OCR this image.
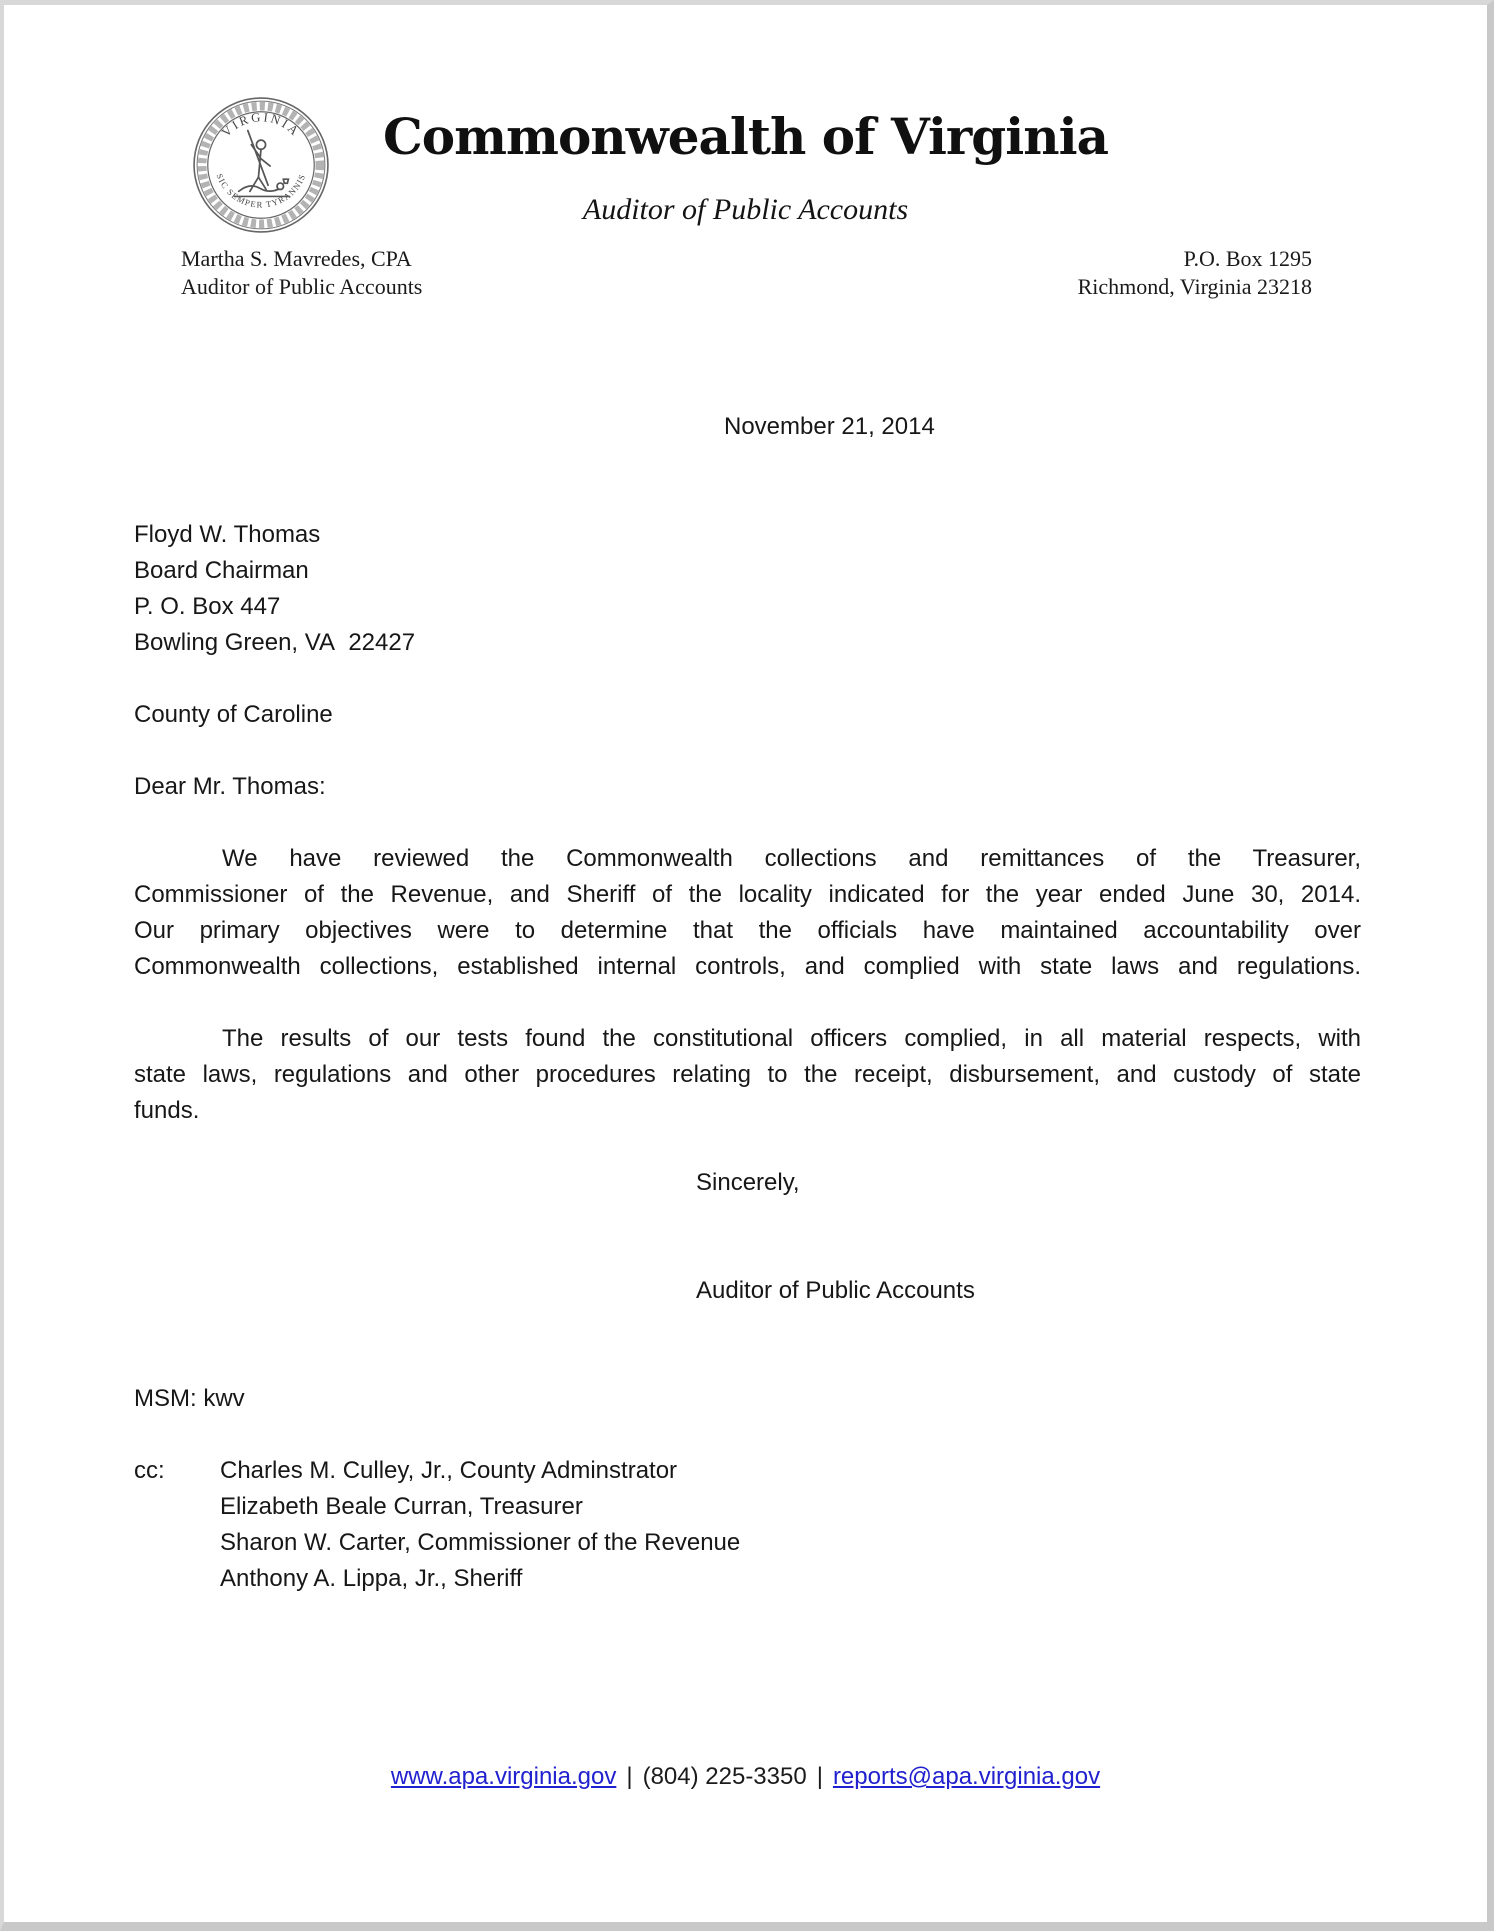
VIRGINIA
SIC SEMPER TYRANNIS
Commonwealth of Virginia
Auditor of Public Accounts
Martha S. Mavredes, CPA
Auditor of Public Accounts
P.O. Box 1295
Richmond, Virginia 23218
November 21, 2014
Floyd W. Thomas
Board Chairman
P. O. Box 447
Bowling Green, VA  22427
County of Caroline
Dear Mr. Thomas:
We have reviewed the Commonwealth collections and remittances of the Treasurer,
Commissioner of the Revenue, and Sheriff of the locality indicated for the year ended June 30, 2014.
Our primary objectives were to determine that the officials have maintained accountability over
Commonwealth collections, established internal controls, and complied with state laws and regulations.
The results of our tests found the constitutional officers complied, in all material respects, with
state laws, regulations and other procedures relating to the receipt, disbursement, and custody of state
funds.
Sincerely,
Auditor of Public Accounts
MSM: kwv
cc:	Charles M. Culley, Jr., County Adminstrator
Elizabeth Beale Curran, Treasurer
Sharon W. Carter, Commissioner of the Revenue
Anthony A. Lippa, Jr., Sheriff
www.apa.virginia.gov | (804) 225-3350 | reports@apa.virginia.gov
